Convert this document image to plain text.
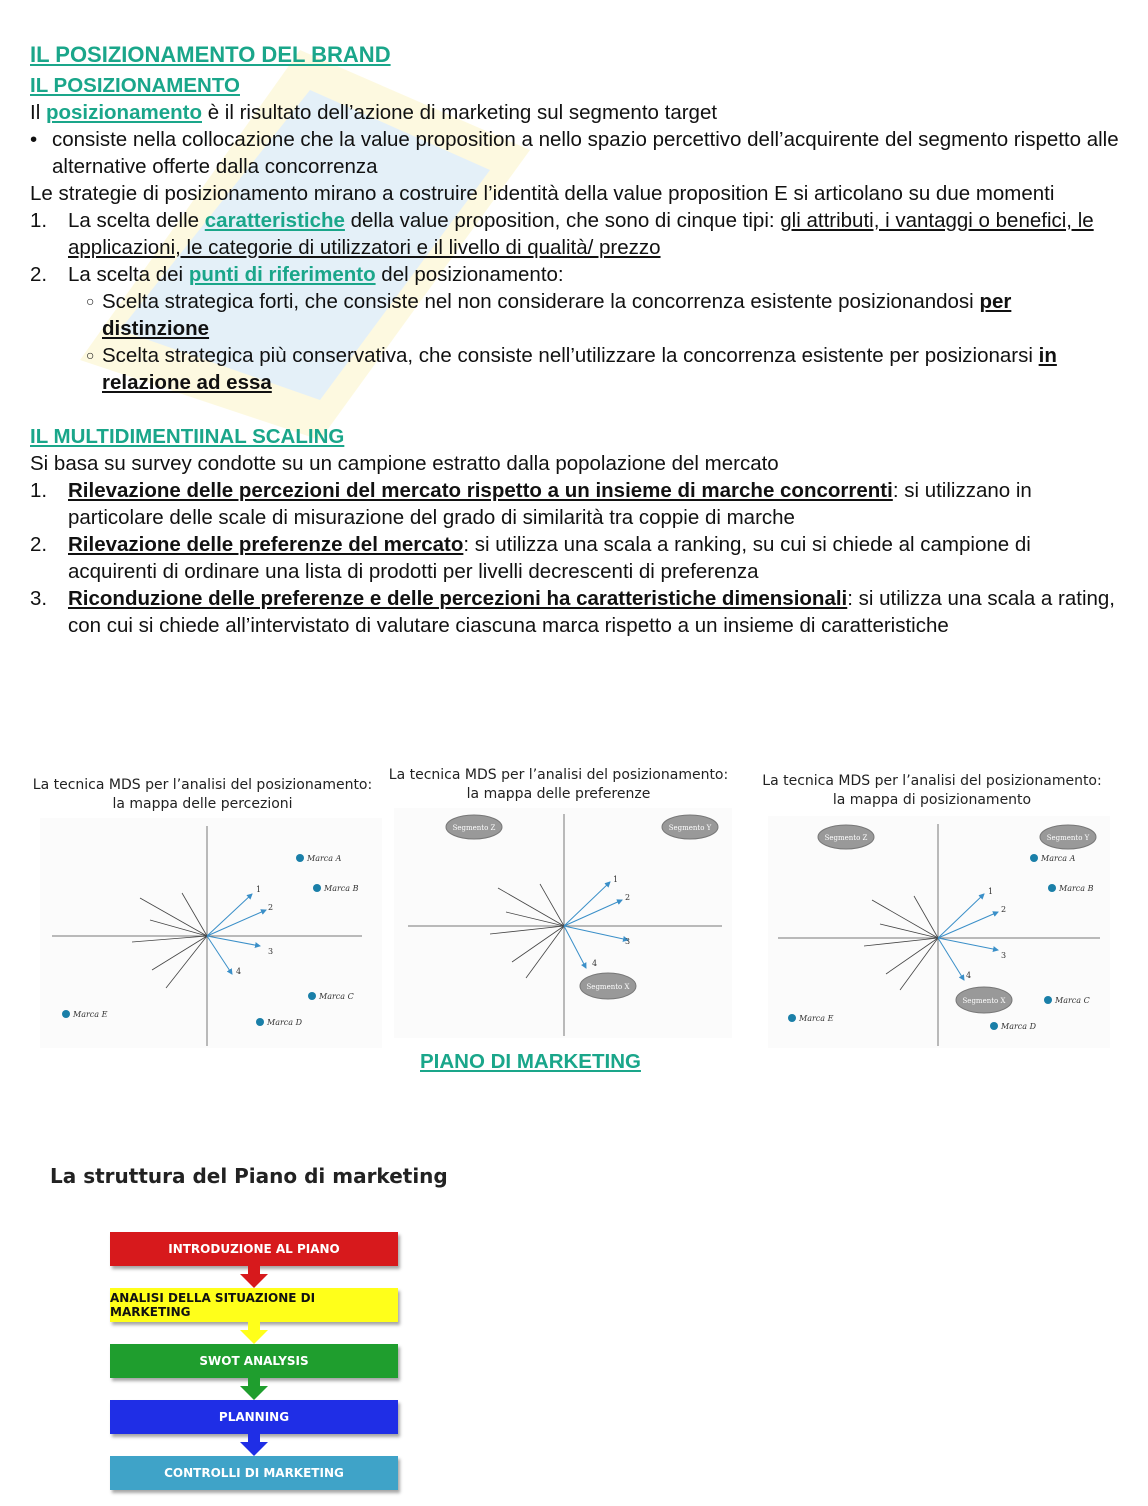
IL POSIZIONAMENTO DEL BRAND
IL POSIZIONAMENTO
Il posizionamento è il risultato dell’azione di marketing sul segmento target
• consiste nella collocazione che la value proposition a nello spazio percettivo dell’acquirente del segmento rispetto alle alternative offerte dalla concorrenza
Le strategie di posizionamento mirano a costruire l’identità della value proposition E si articolano su due momenti
1.	La scelta delle caratteristiche della value proposition, che sono di cinque tipi: gli attributi, i vantaggi o benefici, le applicazioni, le categorie di utilizzatori e il livello di qualità/ prezzo
2.	La scelta dei punti di riferimento del posizionamento:
○ Scelta strategica forti, che consiste nel non considerare la concorrenza esistente posizionandosi per distinzione
○ Scelta strategica più conservativa, che consiste nell’utilizzare la concorrenza esistente per posizionarsi in relazione ad essa
IL MULTIDIMENTIINAL SCALING
Si basa su survey condotte su un campione estratto dalla popolazione del mercato
1.	Rilevazione delle percezioni del mercato rispetto a un insieme di marche concorrenti: si utilizzano in particolare delle scale di misurazione del grado di similarità tra coppie di marche
2.	Rilevazione delle preferenze del mercato: si utilizza una scala a ranking, su cui si chiede al campione di acquirenti di ordinare una lista di prodotti per livelli decrescenti di preferenza
3.	Riconduzione delle preferenze e delle percezioni ha caratteristiche dimensionali: si utilizza una scala a rating, con cui si chiede all’intervistato di valutare ciascuna marca rispetto a un insieme di caratteristiche
La tecnica MDS per l’analisi del posizionamento:
la mappa delle percezioni
1
2
3
4
Marca A
Marca B
Marca C
Marca D
Marca E
La tecnica MDS per l’analisi del posizionamento:
la mappa delle preferenze
1
2
3
4
Segmento Z	Segmento Y
Segmento X
La tecnica MDS per l’analisi del posizionamento:
la mappa di posizionamento
1
2
3
4
Segmento Z	Segmento Y
Segmento X
Marca A
Marca B
Marca C
Marca D
Marca E
PIANO DI MARKETING
La struttura del Piano di marketing
INTRODUZIONE AL PIANO
ANALISI DELLA SITUAZIONE DI MARKETING
SWOT ANALYSIS
PLANNING
CONTROLLI DI MARKETING
